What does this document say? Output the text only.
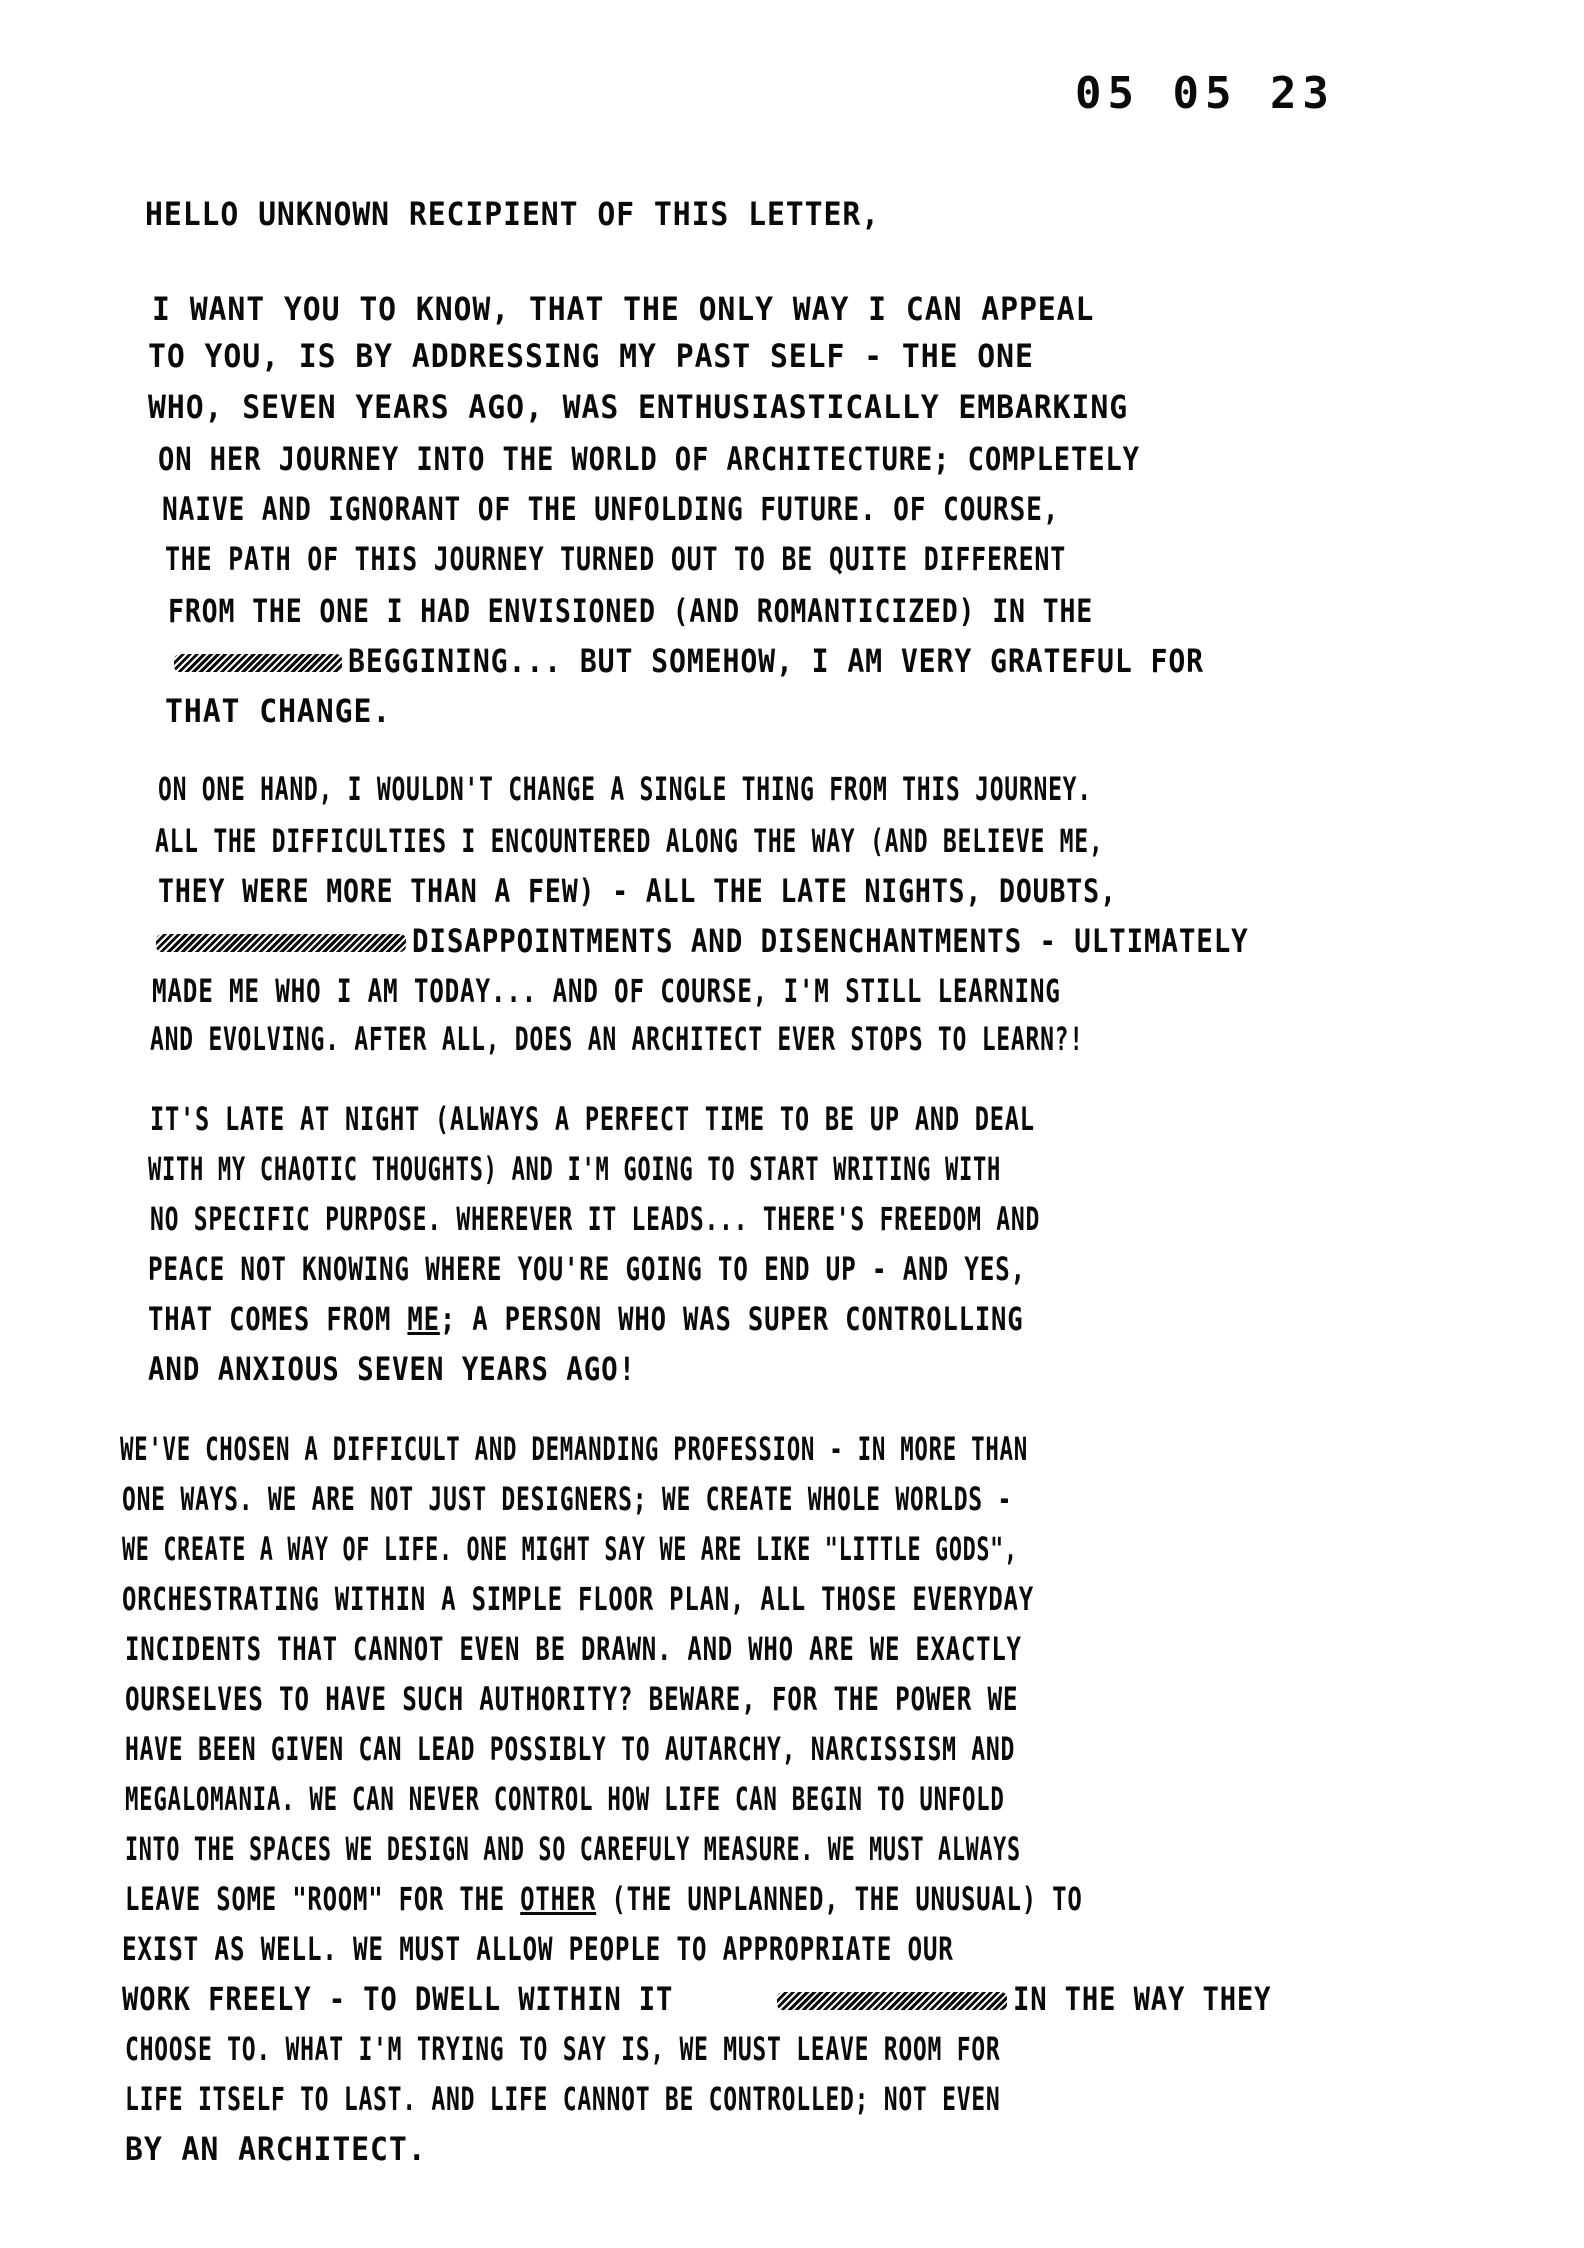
05 05 23
HELLO UNKNOWN RECIPIENT OF THIS LETTER,
I WANT YOU TO KNOW, THAT THE ONLY WAY I CAN APPEAL
TO YOU, IS BY ADDRESSING MY PAST SELF - THE ONE
WHO, SEVEN YEARS AGO, WAS ENTHUSIASTICALLY EMBARKING
ON HER JOURNEY INTO THE WORLD OF ARCHITECTURE; COMPLETELY
NAIVE AND IGNORANT OF THE UNFOLDING FUTURE. OF COURSE,
THE PATH OF THIS JOURNEY TURNED OUT TO BE QUITE DIFFERENT
FROM THE ONE I HAD ENVISIONED (AND ROMANTICIZED) IN THE
BEGGINING... BUT SOMEHOW, I AM VERY GRATEFUL FOR
THAT CHANGE.
ON ONE HAND, I WOULDN'T CHANGE A SINGLE THING FROM THIS JOURNEY.
ALL THE DIFFICULTIES I ENCOUNTERED ALONG THE WAY (AND BELIEVE ME,
THEY WERE MORE THAN A FEW) - ALL THE LATE NIGHTS, DOUBTS,
DISAPPOINTMENTS AND DISENCHANTMENTS - ULTIMATELY
MADE ME WHO I AM TODAY... AND OF COURSE, I'M STILL LEARNING
AND EVOLVING. AFTER ALL, DOES AN ARCHITECT EVER STOPS TO LEARN?!
IT'S LATE AT NIGHT (ALWAYS A PERFECT TIME TO BE UP AND DEAL
WITH MY CHAOTIC THOUGHTS) AND I'M GOING TO START WRITING WITH
NO SPECIFIC PURPOSE. WHEREVER IT LEADS... THERE'S FREEDOM AND
PEACE NOT KNOWING WHERE YOU'RE GOING TO END UP - AND YES,
THAT COMES FROM ME; A PERSON WHO WAS SUPER CONTROLLING
AND ANXIOUS SEVEN YEARS AGO!
WE'VE CHOSEN A DIFFICULT AND DEMANDING PROFESSION - IN MORE THAN
ONE WAYS. WE ARE NOT JUST DESIGNERS; WE CREATE WHOLE WORLDS -
WE CREATE A WAY OF LIFE. ONE MIGHT SAY WE ARE LIKE "LITTLE GODS",
ORCHESTRATING WITHIN A SIMPLE FLOOR PLAN, ALL THOSE EVERYDAY
INCIDENTS THAT CANNOT EVEN BE DRAWN. AND WHO ARE WE EXACTLY
OURSELVES TO HAVE SUCH AUTHORITY? BEWARE, FOR THE POWER WE
HAVE BEEN GIVEN CAN LEAD POSSIBLY TO AUTARCHY, NARCISSISM AND
MEGALOMANIA. WE CAN NEVER CONTROL HOW LIFE CAN BEGIN TO UNFOLD
INTO THE SPACES WE DESIGN AND SO CAREFULY MEASURE. WE MUST ALWAYS
LEAVE SOME "ROOM" FOR THE OTHER (THE UNPLANNED, THE UNUSUAL) TO
EXIST AS WELL. WE MUST ALLOW PEOPLE TO APPROPRIATE OUR
WORK FREELY - TO DWELL WITHIN IT	IN THE WAY THEY
CHOOSE TO. WHAT I'M TRYING TO SAY IS, WE MUST LEAVE ROOM FOR
LIFE ITSELF TO LAST. AND LIFE CANNOT BE CONTROLLED; NOT EVEN
BY AN ARCHITECT.
